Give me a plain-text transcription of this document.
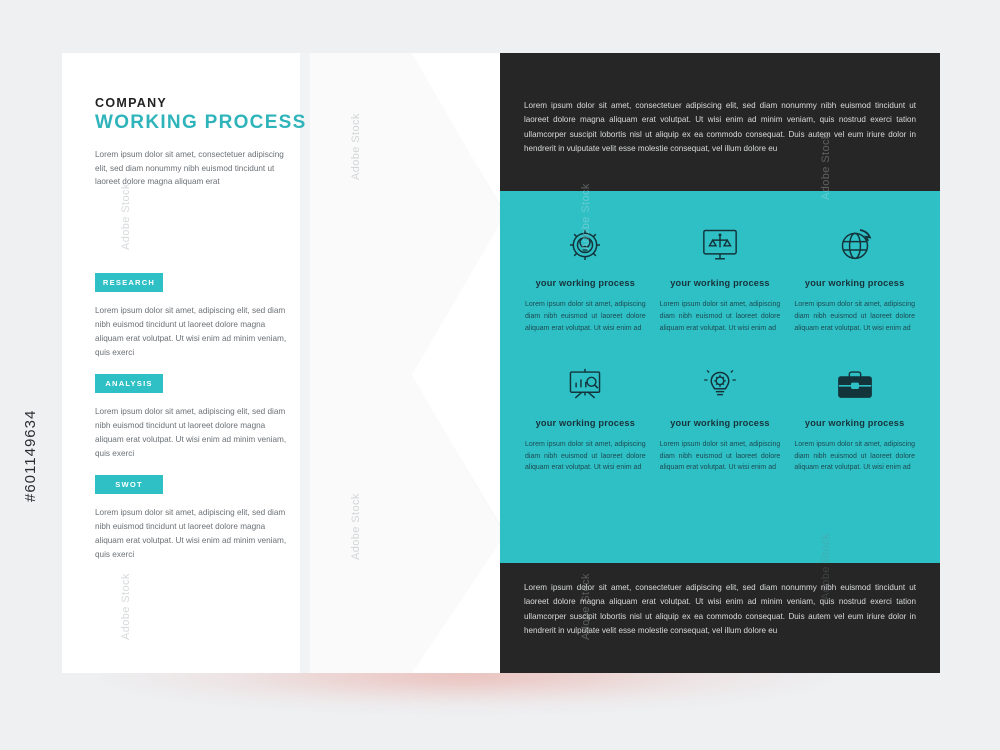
COMPANY
WORKING PROCESS

Lorem ipsum dolor sit amet, consectetuer adipiscing elit, sed diam nonummy nibh euismod tincidunt ut laoreet dolore magna aliquam erat

RESEARCH
Lorem ipsum dolor sit amet, adipiscing elit, sed diam nibh euismod tincidunt ut laoreet dolore magna aliquam erat volutpat. Ut wisi enim ad minim veniam, quis exerci
ANALYSIS
Lorem ipsum dolor sit amet, adipiscing elit, sed diam nibh euismod tincidunt ut laoreet dolore magna aliquam erat volutpat. Ut wisi enim ad minim veniam, quis exerci
SWOT
Lorem ipsum dolor sit amet, adipiscing elit, sed diam nibh euismod tincidunt ut laoreet dolore magna aliquam erat volutpat. Ut wisi enim ad minim veniam, quis exerci
Lorem ipsum dolor sit amet, consectetuer adipiscing elit, sed diam nonummy nibh euismod tincidunt ut laoreet dolore magna aliquam erat volutpat. Ut wisi enim ad minim veniam, quis nostrud exerci tation ullamcorper suscipit lobortis nisl ut aliquip ex ea commodo consequat. Duis autem vel eum iriure dolor in hendrerit in vulputate velit esse molestie consequat, vel illum dolore eu
Lorem ipsum dolor sit amet, consectetuer adipiscing elit, sed diam nonummy nibh euismod tincidunt ut laoreet dolore magna aliquam erat volutpat. Ut wisi enim ad minim veniam, quis nostrud exerci tation ullamcorper suscipit lobortis nisl ut aliquip ex ea commodo consequat. Duis autem vel eum iriure dolor in hendrerit in vulputate velit esse molestie consequat, vel illum dolore eu
your working process

Lorem ipsum dolor sit amet, adipiscing diam nibh euismod ut laoreet dolore aliquam erat volutpat. Ut wisi enim ad

your working process

Lorem ipsum dolor sit amet, adipiscing diam nibh euismod ut laoreet dolore aliquam erat volutpat. Ut wisi enim ad

your working process

Lorem ipsum dolor sit amet, adipiscing diam nibh euismod ut laoreet dolore aliquam erat volutpat. Ut wisi enim ad

your working process

Lorem ipsum dolor sit amet, adipiscing diam nibh euismod ut laoreet dolore aliquam erat volutpat. Ut wisi enim ad

your working process

Lorem ipsum dolor sit amet, adipiscing diam nibh euismod ut laoreet dolore aliquam erat volutpat. Ut wisi enim ad

your working process

Lorem ipsum dolor sit amet, adipiscing diam nibh euismod ut laoreet dolore aliquam erat volutpat. Ut wisi enim ad

Adobe Stock
Adobe Stock
Adobe Stock
Adobe Stock
Adobe Stock
Adobe Stock
Adobe Stock
Adobe Stock
#601149634
